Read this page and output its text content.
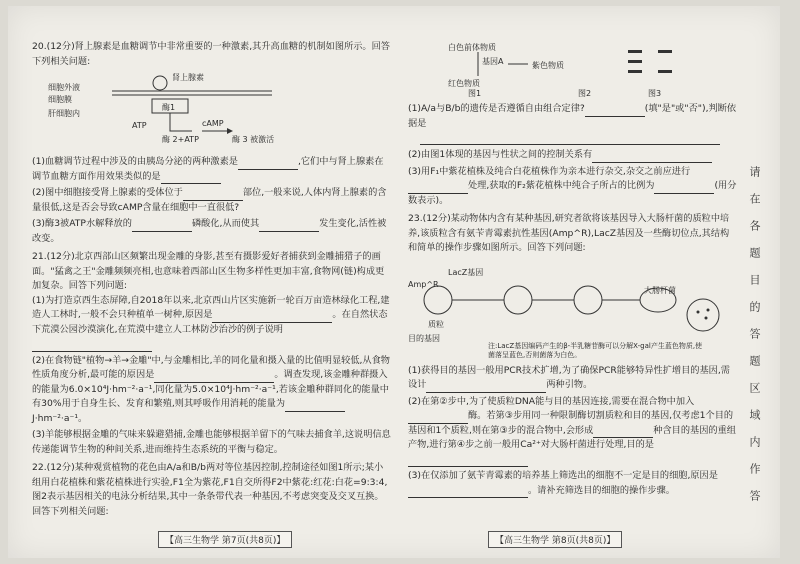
20.(12分)肾上腺素是血糖调节中非常重要的一种激素,其升高血糖的机制如图所示。回答下列相关问题:
肾上腺素
细胞外液
细胞膜
肝细胞内
酶1
ATP	cAMP
酶 2+ATP	酶 3 被激活
(1)血糖调节过程中涉及的由胰岛分泌的两种激素是	,它们中与肾上腺素在调节血糖方面作用效果类似的是
(2)图中细胞接受肾上腺素的受体位于	部位,一般来说,人体内肾上腺素的含量很低,这是否会导致cAMP含量在细胞中一直很低?
(3)酶3被ATP水解释放的	磷酸化,从而使其	发生变化,活性被改变。
21.(12分)北京西部山区频繁出现金雕的身影,甚至有摄影爱好者捕获到金雕捕猎子的画面。"猛禽之王"金雕频频亮相,也意味着西部山区生物多样性更加丰富,食物网(链)构成更加复杂。回答下列问题:
(1)为打造京西生态屏障,自2018年以来,北京西山片区实施新一轮百万亩造林绿化工程,建造人工林时,一般不会只种植单一树种,原因是	。在自然状态下荒漠公园沙漠演化,在荒漠中建立人工林防沙治沙的例子说明
(2)在食物链"植物→羊→金雕"中,与金雕相比,羊的同化量和摄入量的比值明显较低,从食物性质角度分析,最可能的原因是	。调查发现,该金雕种群摄入的能量为6.0×10⁴J·hm⁻²·a⁻¹,同化量为5.0×10⁴J·hm⁻²·a⁻¹,若该金雕种群同化的能量中有30%用于自身生长、发育和繁殖,则其呼吸作用消耗的能量为J·hm⁻²·a⁻¹。
(3)羊能够根据金雕的气味来躲避猎捕,金雕也能够根据羊留下的气味去捕食羊,这说明信息传递能调节生物的种间关系,进而维持生态系统的平衡与稳定。
22.(12分)某种观赏植物的花色由A/a和B/b两对等位基因控制,控制途径如图1所示;某小组用白花植株和紫花植株进行实验,F1全为紫花,F1自交所得F2中紫花:红花:白花=9:3:4,图2表示基因相关的电泳分析结果,其中一条条带代表一种基因,不考虑突变及交叉互换。回答下列相关问题:
【高三生物学 第7页(共8页)】
白色前体物质
基因A
红色物质
紫色物质
图1	图2	图3
(1)A/a与B/b的遗传是否遵循自由组合定律?	(填"是"或"否"),判断依据是
(2)由图1体现的基因与性状之间的控制关系有
(3)用F₁中紫花植株及纯合白花植株作为亲本进行杂交,杂交之前应进行处理,获取的F₂紫花植株中纯合子所占的比例为	(用分数表示)。
23.(12分)某动物体内含有某种基因,研究者欲将该基因导入大肠杆菌的质粒中培养,该质粒含有氨苄青霉素抗性基因(Amp^R),LacZ基因及一些酶切位点,其结构和简单的操作步骤如图所示。回答下列问题:
Amp^R
LacZ基因
质粒
目的基因
大肠杆菌
注:LacZ基因编码产生的β-半乳糖苷酶可以分解X-gal产生蓝色物质,使菌落呈蓝色,否则菌落为白色。
(1)获得目的基因一般用PCR技术扩增,为了确保PCR能够特异性扩增目的基因,需设计	两种引物。
(2)在第②步中,为了使质粒DNA能与目的基因连接,需要在混合物中加入酶。若第③步用同一种限制酶切割质粒和目的基因,仅考虑1个目的基因和1个质粒,则在第③步的混合物中,会形成	种含目的基因的重组产物,进行第④步之前一般用Ca²⁺对大肠杆菌进行处理,目的是
(3)在仅添加了氨苄青霉素的培养基上筛选出的细胞不一定是目的细胞,原因是。请补充筛选目的细胞的操作步骤。
【高三生物学 第8页(共8页)】
请在各题目的答题区域内作答
